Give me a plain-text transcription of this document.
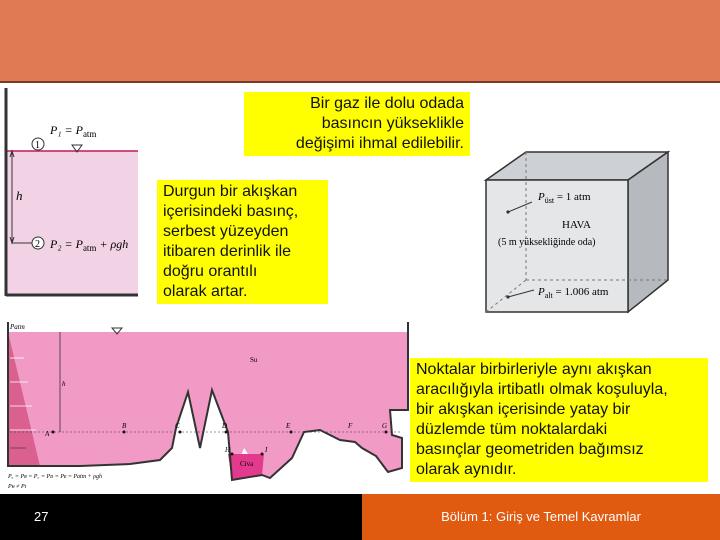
1
2
h
$P_1 = P_{atm}$
$P_2 = P_{atm} + \rho gh$
$P_{üst} = 1$ atm
HAVA
(5 m yüksekliğinde oda)
$P_{alt} = 1.006$ atm
Patm
Su
h
Civa
A
B	C	D	E	F	G
H	I
Pₐ = Pʙ = P꜀ = Pᴅ = Pᴇ = Patm + ρgh
Pʜ ≠ Pɪ
Bir gaz ile dolu odada
basıncın yükseklikle
değişimi ihmal edilebilir.
Durgun bir akışkan
içerisindeki basınç,
serbest yüzeyden
itibaren derinlik ile
doğru orantılı
olarak artar.
Noktalar birbirleriyle aynı akışkan
aracılığıyla irtibatlı olmak koşuluyla,
bir akışkan içerisinde yatay bir
düzlemde tüm noktalardaki
basınçlar geometriden bağımsız
olarak aynıdır.
27	Bölüm 1: Giriş ve Temel Kavramlar
